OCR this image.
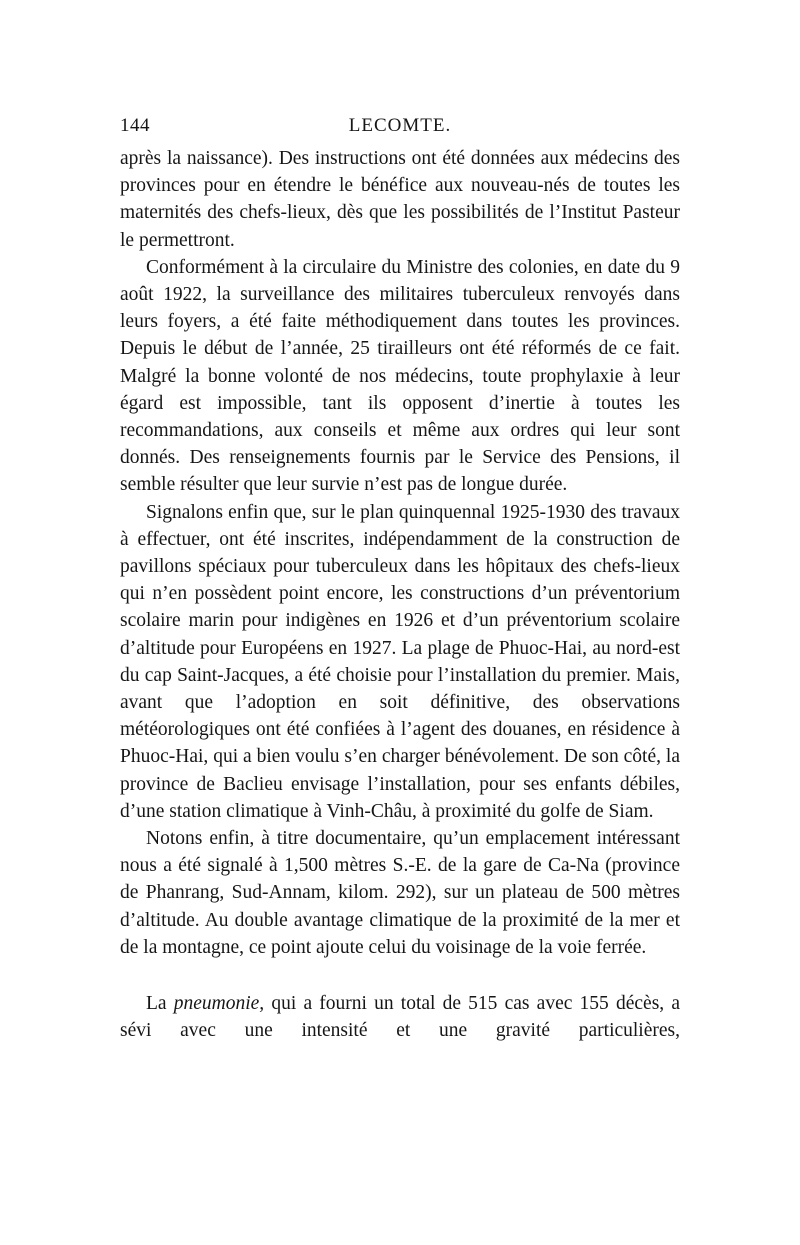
144	LECOMTE.

après la naissance). Des instructions ont été données aux médecins des provinces pour en étendre le bénéfice aux nouveau-nés de toutes les maternités des chefs-lieux, dès que les possibilités de l’Institut Pasteur le permettront.

Conformément à la circulaire du Ministre des colonies, en date du 9 août 1922, la surveillance des militaires tuberculeux renvoyés dans leurs foyers, a été faite méthodiquement dans toutes les provinces. Depuis le début de l’année, 25 tirailleurs ont été réformés de ce fait. Malgré la bonne volonté de nos médecins, toute prophylaxie à leur égard est impossible, tant ils opposent d’inertie à toutes les recommandations, aux conseils et même aux ordres qui leur sont donnés. Des renseignements fournis par le Service des Pensions, il semble résulter que leur survie n’est pas de longue durée.

Signalons enfin que, sur le plan quinquennal 1925-1930 des travaux à effectuer, ont été inscrites, indépendamment de la construction de pavillons spéciaux pour tuberculeux dans les hôpitaux des chefs-lieux qui n’en possèdent point encore, les constructions d’un préventorium scolaire marin pour indigènes en 1926 et d’un préventorium scolaire d’altitude pour Européens en 1927. La plage de Phuoc-Hai, au nord-est du cap Saint-Jacques, a été choisie pour l’installation du premier. Mais, avant que l’adoption en soit définitive, des observations météorologiques ont été confiées à l’agent des douanes, en résidence à Phuoc-Hai, qui a bien voulu s’en charger bénévolement. De son côté, la province de Baclieu envisage l’installation, pour ses enfants débiles, d’une station climatique à Vinh-Châu, à proximité du golfe de Siam.

Notons enfin, à titre documentaire, qu’un emplacement intéressant nous a été signalé à 1,500 mètres S.-E. de la gare de Ca-Na (province de Phanrang, Sud-Annam, kilom. 292), sur un plateau de 500 mètres d’altitude. Au double avantage climatique de la proximité de la mer et de la montagne, ce point ajoute celui du voisinage de la voie ferrée.

La pneumonie, qui a fourni un total de 515 cas avec 155 décès, a sévi avec une intensité et une gravité particulières,
